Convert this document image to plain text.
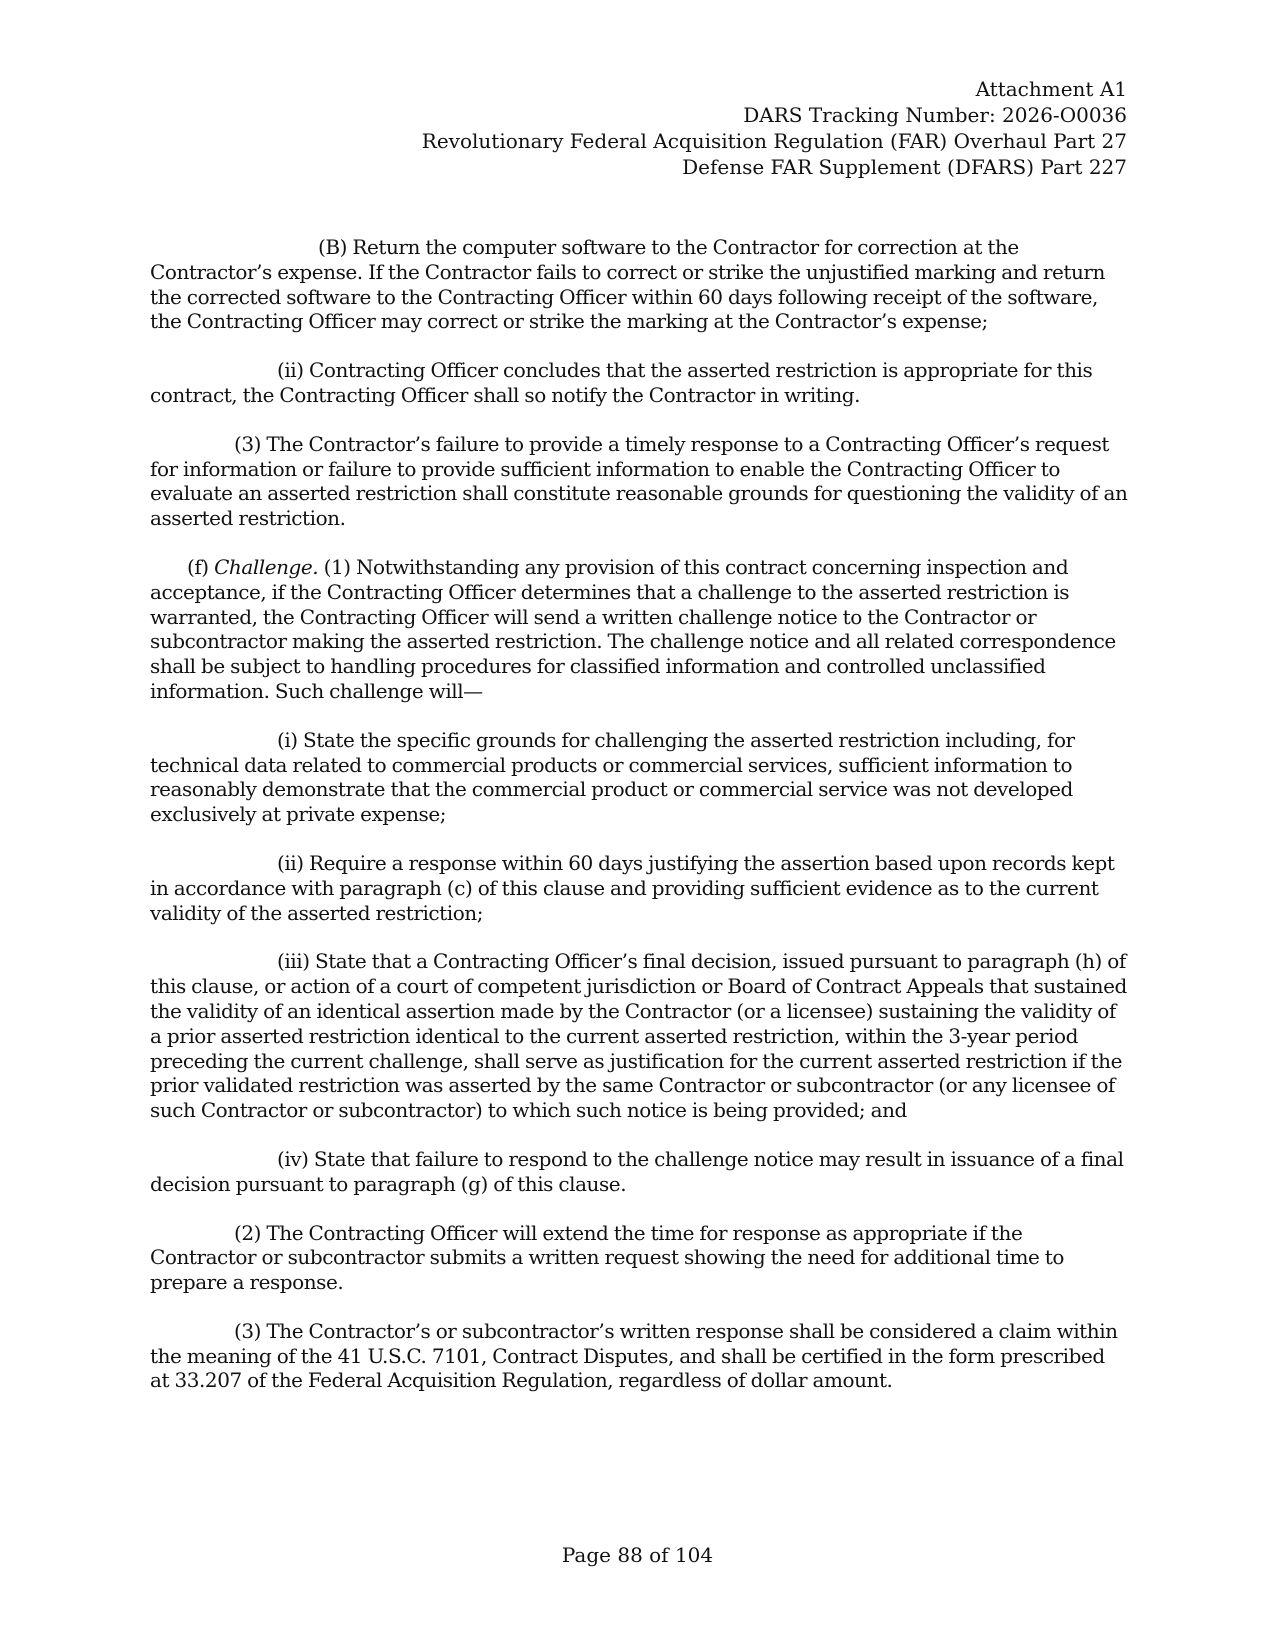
Attachment A1
DARS Tracking Number: 2026-O0036
Revolutionary Federal Acquisition Regulation (FAR) Overhaul Part 27
Defense FAR Supplement (DFARS) Part 227

(B) Return the computer software to the Contractor for correction at the Contractor’s expense. If the Contractor fails to correct or strike the unjustified marking and return the corrected software to the Contracting Officer within 60 days following receipt of the software, the Contracting Officer may correct or strike the marking at the Contractor’s expense;

(ii) Contracting Officer concludes that the asserted restriction is appropriate for this contract, the Contracting Officer shall so notify the Contractor in writing.

(3) The Contractor’s failure to provide a timely response to a Contracting Officer’s request for information or failure to provide sufficient information to enable the Contracting Officer to evaluate an asserted restriction shall constitute reasonable grounds for questioning the validity of an asserted restriction.

(f) Challenge. (1) Notwithstanding any provision of this contract concerning inspection and acceptance, if the Contracting Officer determines that a challenge to the asserted restriction is warranted, the Contracting Officer will send a written challenge notice to the Contractor or subcontractor making the asserted restriction. The challenge notice and all related correspondence shall be subject to handling procedures for classified information and controlled unclassified information. Such challenge will—

(i) State the specific grounds for challenging the asserted restriction including, for technical data related to commercial products or commercial services, sufficient information to reasonably demonstrate that the commercial product or commercial service was not developed exclusively at private expense;

(ii) Require a response within 60 days justifying the assertion based upon records kept in accordance with paragraph (c) of this clause and providing sufficient evidence as to the current validity of the asserted restriction;

(iii) State that a Contracting Officer’s final decision, issued pursuant to paragraph (h) of this clause, or action of a court of competent jurisdiction or Board of Contract Appeals that sustained the validity of an identical assertion made by the Contractor (or a licensee) sustaining the validity of a prior asserted restriction identical to the current asserted restriction, within the 3-year period preceding the current challenge, shall serve as justification for the current asserted restriction if the prior validated restriction was asserted by the same Contractor or subcontractor (or any licensee of such Contractor or subcontractor) to which such notice is being provided; and

(iv) State that failure to respond to the challenge notice may result in issuance of a final decision pursuant to paragraph (g) of this clause.

(2) The Contracting Officer will extend the time for response as appropriate if the Contractor or subcontractor submits a written request showing the need for additional time to prepare a response.

(3) The Contractor’s or subcontractor’s written response shall be considered a claim within the meaning of the 41 U.S.C. 7101, Contract Disputes, and shall be certified in the form prescribed at 33.207 of the Federal Acquisition Regulation, regardless of dollar amount.

Page 88 of 104
